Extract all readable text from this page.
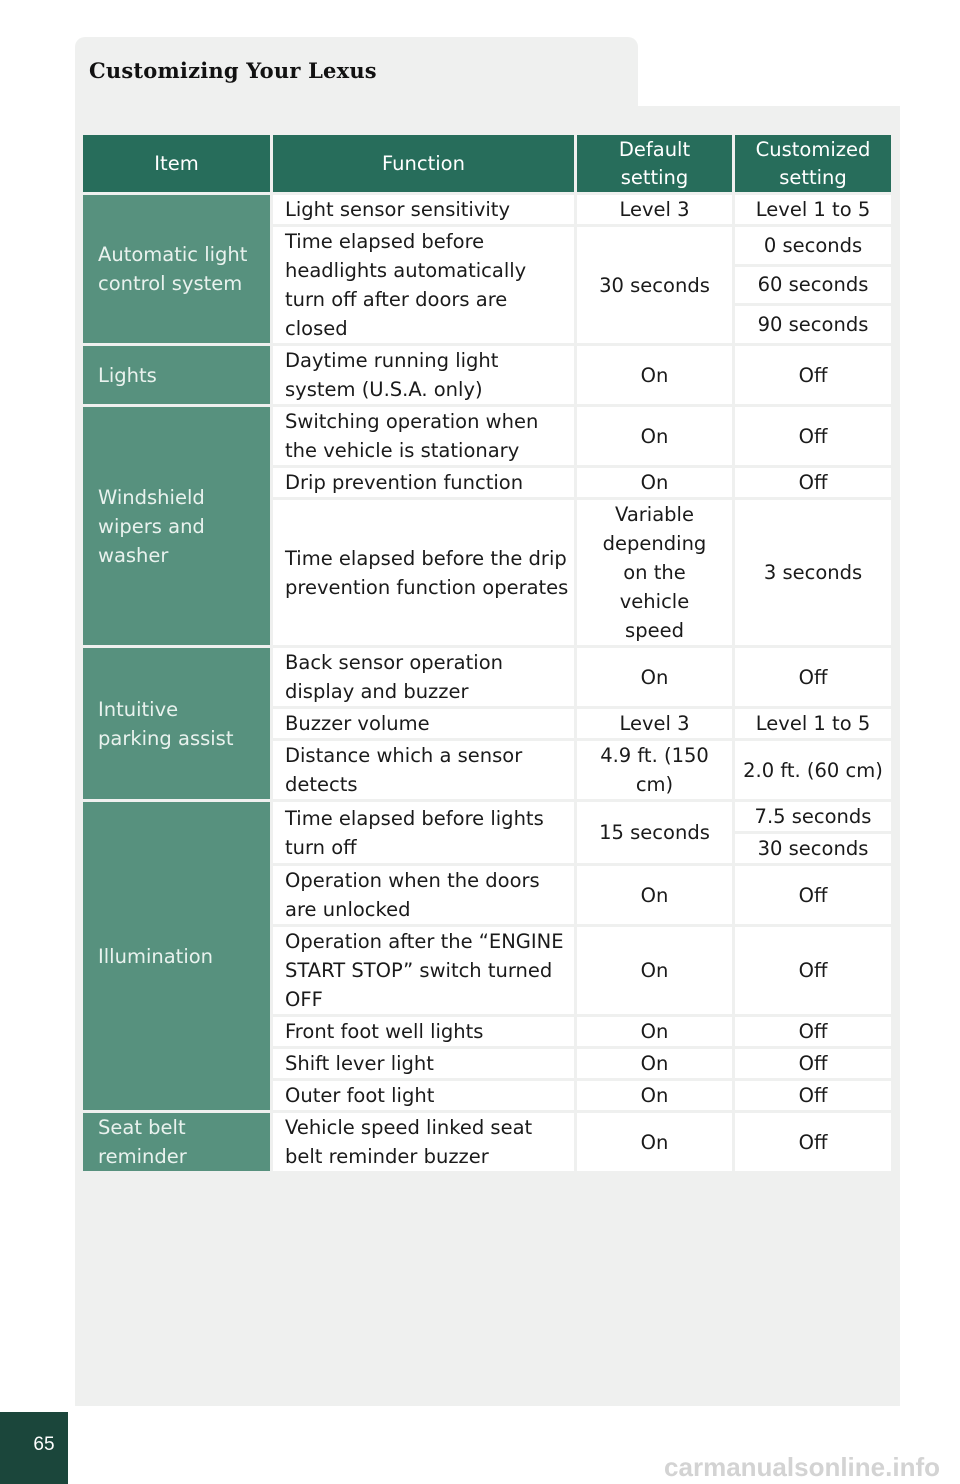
Customizing Your Lexus
Item	Function	Default setting	Customized setting

Automatic light control system	Light sensor sensitivity	Level 3	Level 1 to 5
	Time elapsed before headlights automatically turn off after doors are closed	30 seconds	0 seconds
			60 seconds
			90 seconds
Lights	Daytime running light system (U.S.A. only)	On	Off

Windshield wipers and washer	Switching operation when the vehicle is stationary	On	Off
	Drip prevention function	On	Off
	Time elapsed before the drip prevention function operates	Variable depending on the vehicle speed	3 seconds

Intuitive parking assist	Back sensor operation display and buzzer	On	Off
	Buzzer volume	Level 3	Level 1 to 5
	Distance which a sensor detects	4.9 ft. (150 cm)	2.0 ft. (60 cm)
Illumination	Time elapsed before lights turn off	15 seconds	7.5 seconds
			30 seconds
	Operation when the doors are unlocked	On	Off
	Operation after the “ENGINE START STOP” switch turned OFF	On	Off
	Front foot well lights	On	Off
	Shift lever light	On	Off
	Outer foot light	On	Off

Seat belt reminder	Vehicle speed linked seat belt reminder buzzer	On	Off
65
carmanualsonline.info
